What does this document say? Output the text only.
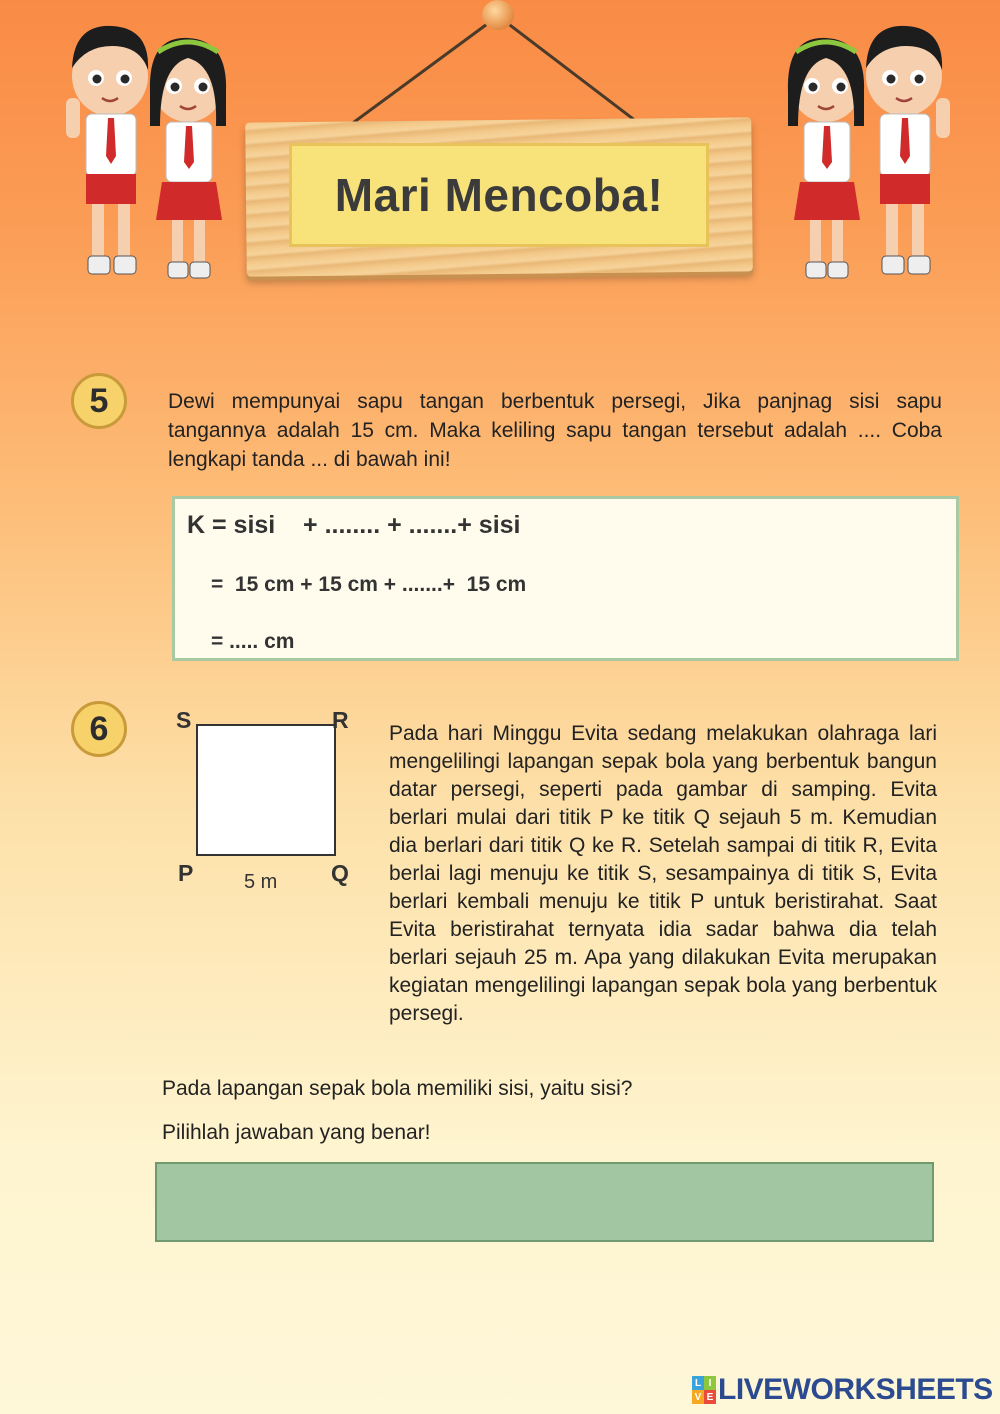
Mari Mencoba!
5	Dewi mempunyai sapu tangan berbentuk persegi, Jika panjnag sisi sapu tangannya adalah 15 cm. Maka keliling sapu tangan tersebut adalah .... Coba lengkapi tanda ... di bawah ini!

K = sisi    + ........ + .......+ sisi
=  15 cm + 15 cm + .......+  15 cm
= ..... cm
6	S	R
P	Q
5 m
Pada hari Minggu Evita sedang melakukan olahraga lari mengelilingi lapangan sepak bola yang berbentuk bangun datar persegi, seperti pada gambar di samping. Evita berlari mulai dari titik P ke titik Q sejauh 5 m. Kemudian dia berlari dari titik Q ke R. Setelah sampai di titik R, Evita berlai lagi menuju ke titik S, sesampainya di titik S, Evita berlari kembali menuju ke titik P untuk beristirahat. Saat Evita beristirahat ternyata idia sadar bahwa dia telah berlari sejauh 25 m. Apa yang dilakukan Evita merupakan kegiatan mengelilingi lapangan sepak bola yang berbentuk persegi.
Pada lapangan sepak bola memiliki sisi, yaitu sisi?
Pilihlah jawaban yang benar!
L I
V E LIVEWORKSHEETS
